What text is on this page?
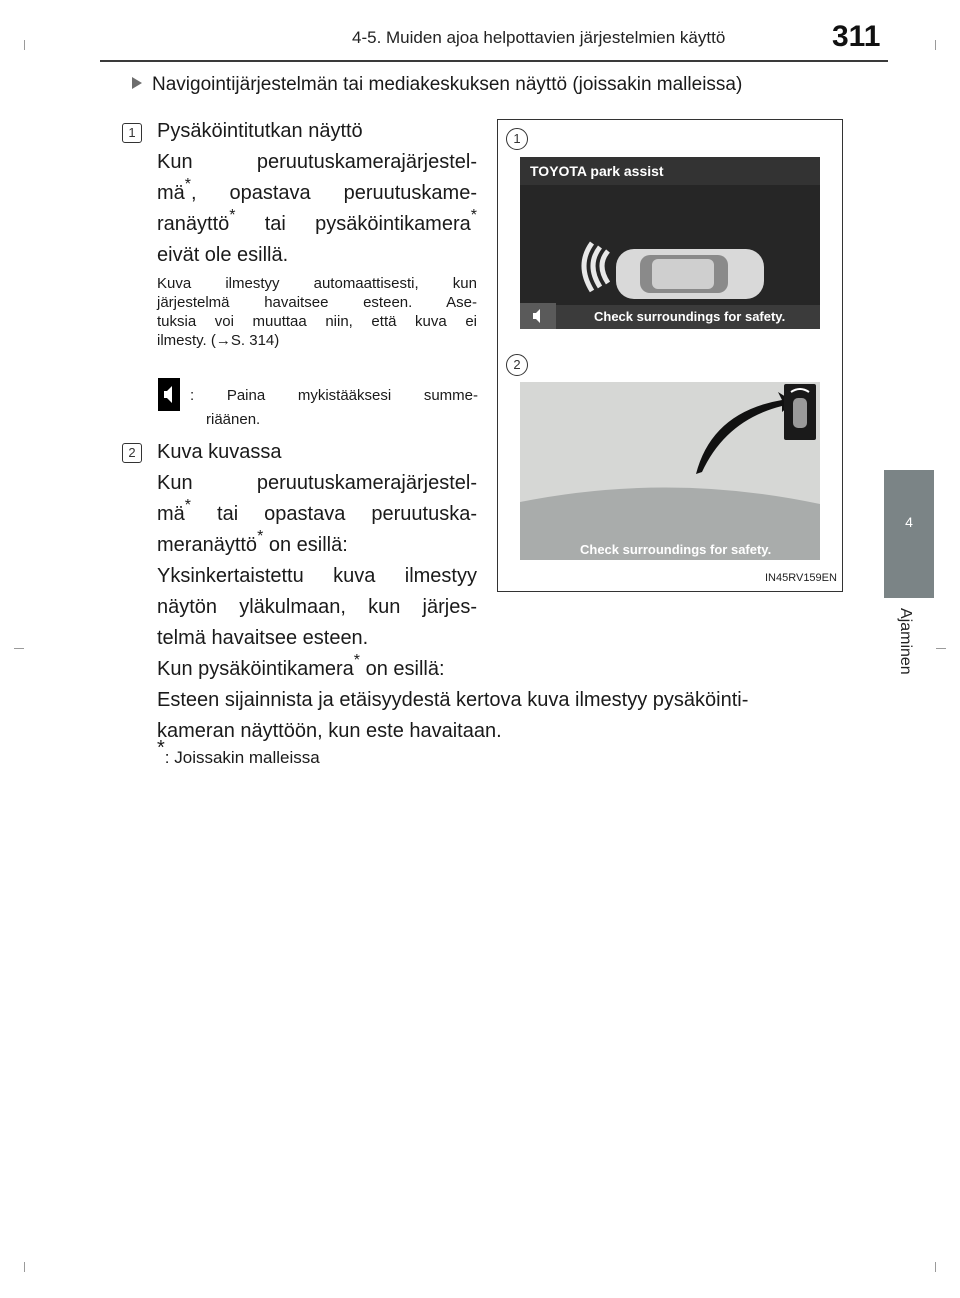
4-5. Muiden ajoa helpottavien järjestelmien käyttö	311
4
Ajaminen
Navigointijärjestelmän tai mediakeskuksen näyttö (joissakin malleissa)
1	Pysäköintitutkan näyttö

Kun peruutuskamerajärjestel-

mä*, opastava peruutuskame-

ranäyttö* tai pysäköintikamera*

eivät ole esillä.

Kuva ilmestyy automaattisesti, kun

järjestelmä havaitsee esteen. Ase-

tuksia voi muuttaa niin, että kuva ei

ilmesty. (→S. 314)

: Paina mykistääksesi summe-

riäänen.

2	Kuva kuvassa

Kun peruutuskamerajärjestel-

mä* tai opastava peruutuska-

meranäyttö* on esillä:

Yksinkertaistettu kuva ilmestyy

näytön yläkulmaan, kun järjes-

telmä havaitsee esteen.

Kun pysäköintikamera* on esillä:

Esteen sijainnista ja etäisyydestä kertova kuva ilmestyy pysäköinti-

kameran näyttöön, kun este havaitaan.

*: Joissakin malleissa
1
TOYOTA park assist
Check surroundings for safety.
2
Check surroundings for safety.
IN45RV159EN
